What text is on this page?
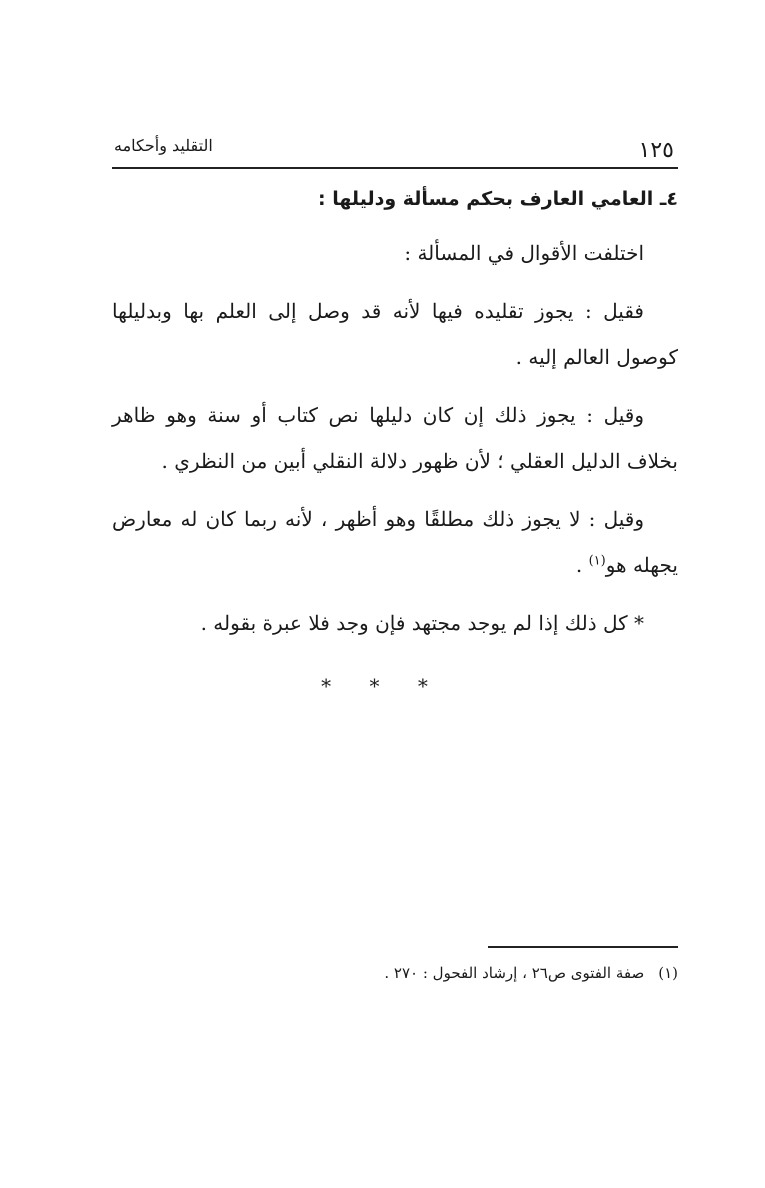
١٢٥
التقليد وأحكامه
٤ـ العامي العارف بحكم مسألة ودليلها :

اختلفت الأقوال في المسألة :

فقيل : يجوز تقليده فيها لأنه قد وصل إلى العلم بها وبدليلها كوصول العالم إليه .

وقيل : يجوز ذلك إن كان دليلها نص كتاب أو سنة وهو ظاهر بخلاف الدليل العقلي ؛ لأن ظهور دلالة النقلي أبين من النظري .

وقيل : لا يجوز ذلك مطلقًا وهو أظهر ، لأنه ربما كان له معارض يجهله هو$^{(١)}$ .

* كل ذلك إذا لم يوجد مجتهد فإن وجد فلا عبرة بقوله .

* * *
(١)صفة الفتوى ص٢٦ ، إرشاد الفحول : ٢٧٠ .
